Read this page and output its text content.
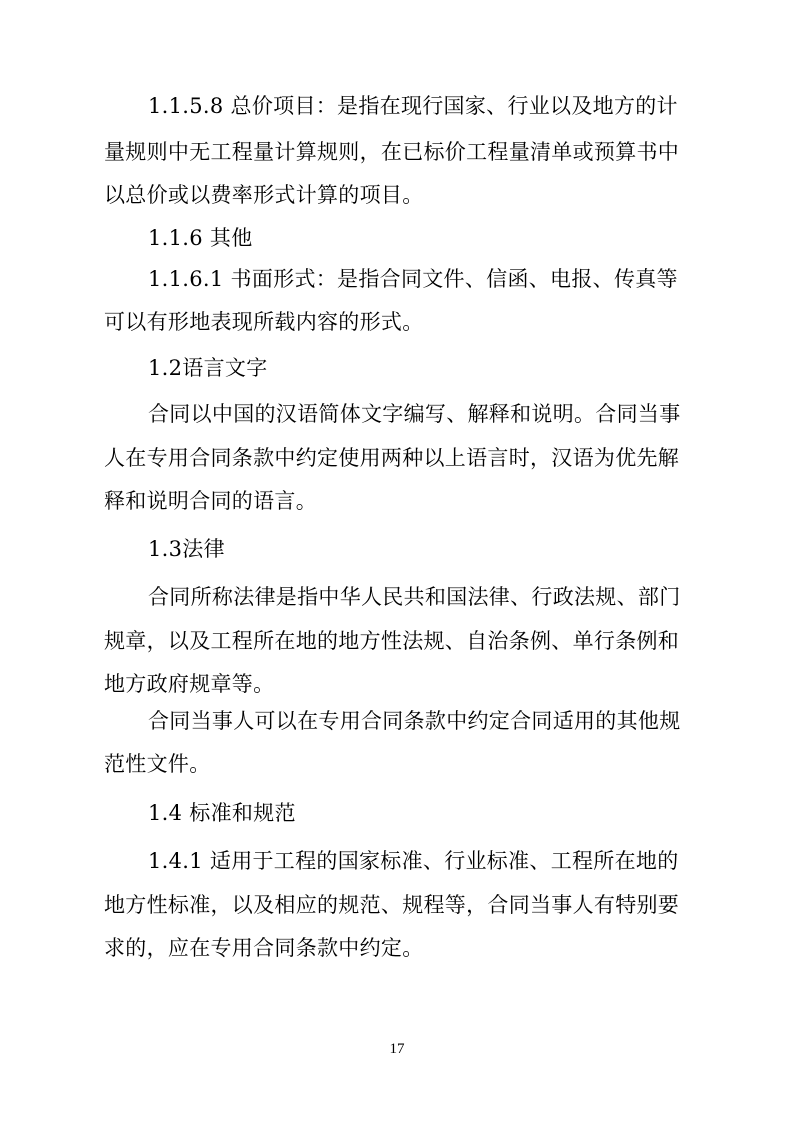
1.1.5.8 总价项目：是指在现行国家、行业以及地方的计
量规则中无工程量计算规则，在已标价工程量清单或预算书中
以总价或以费率形式计算的项目。
1.1.6 其他
1.1.6.1 书面形式：是指合同文件、信函、电报、传真等
可以有形地表现所载内容的形式。
1.2语言文字
合同以中国的汉语简体文字编写、解释和说明。合同当事
人在专用合同条款中约定使用两种以上语言时，汉语为优先解
释和说明合同的语言。
1.3法律
合同所称法律是指中华人民共和国法律、行政法规、部门
规章，以及工程所在地的地方性法规、自治条例、单行条例和
地方政府规章等。
合同当事人可以在专用合同条款中约定合同适用的其他规
范性文件。
1.4 标准和规范
1.4.1 适用于工程的国家标准、行业标准、工程所在地的
地方性标准，以及相应的规范、规程等，合同当事人有特别要
求的，应在专用合同条款中约定。
17
